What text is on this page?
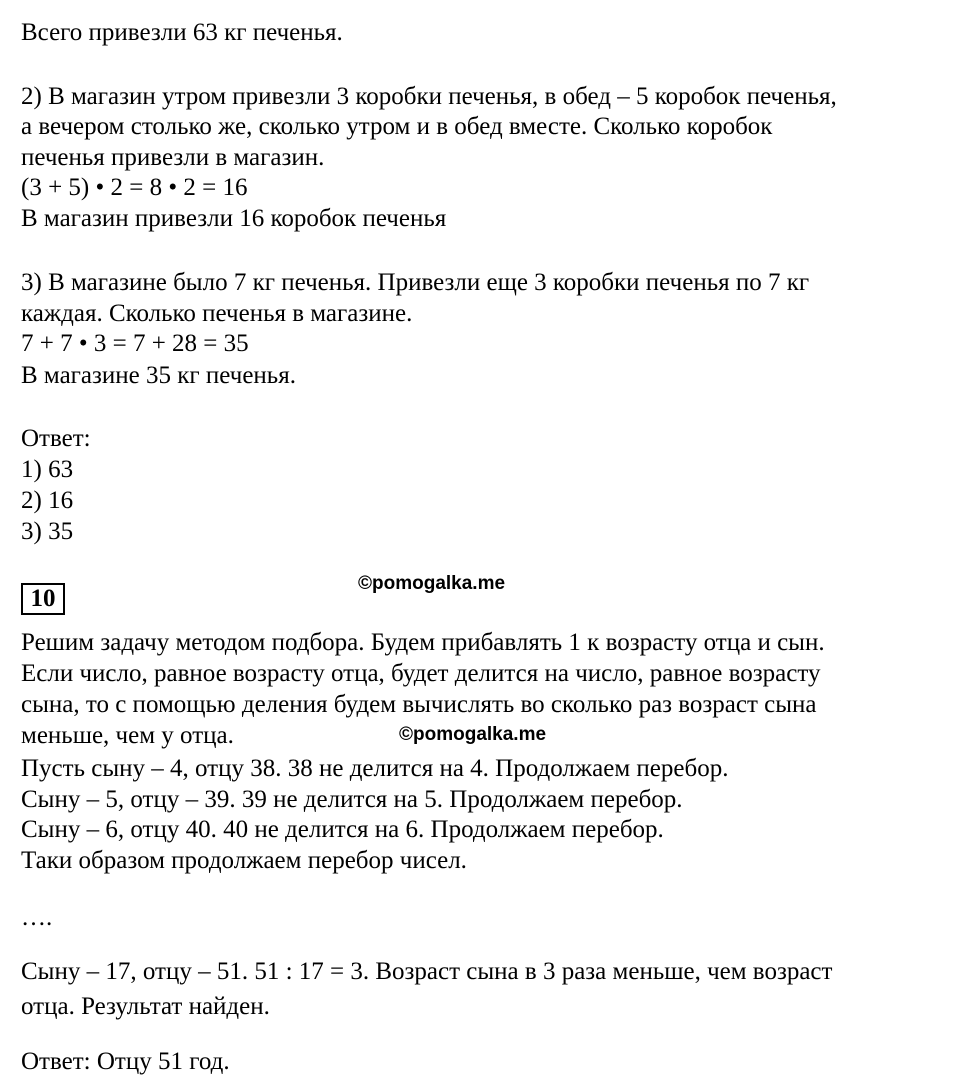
Всего привезли 63 кг печенья.
2) В магазин утром привезли 3 коробки печенья, в обед – 5 коробок печенья,
а вечером столько же, сколько утром и в обед вместе. Сколько коробок
печенья привезли в магазин.
(3 + 5) • 2 = 8 • 2 = 16
В магазин привезли 16 коробок печенья
3) В магазине было 7 кг печенья. Привезли еще 3 коробки печенья по 7 кг
каждая. Сколько печенья в магазине.
7 + 7 • 3 = 7 + 28 = 35
В магазине 35 кг печенья.
Ответ:
1) 63
2) 16
3) 35
10
©pomogalka.me
Решим задачу методом подбора. Будем прибавлять 1 к возрасту отца и сын.
Если число, равное возрасту отца, будет делится на число, равное возрасту
сына, то с помощью деления будем вычислять во сколько раз возраст сына
меньше, чем у отца.	©pomogalka.me
Пусть сыну – 4, отцу 38. 38 не делится на 4. Продолжаем перебор.
Сыну – 5, отцу – 39. 39 не делится на 5. Продолжаем перебор.
Сыну – 6, отцу 40. 40 не делится на 6. Продолжаем перебор.
Таки образом продолжаем перебор чисел.
….
Сыну – 17, отцу – 51. 51 : 17 = 3. Возраст сына в 3 раза меньше, чем возраст
отца. Результат найден.
Ответ: Отцу 51 год.
